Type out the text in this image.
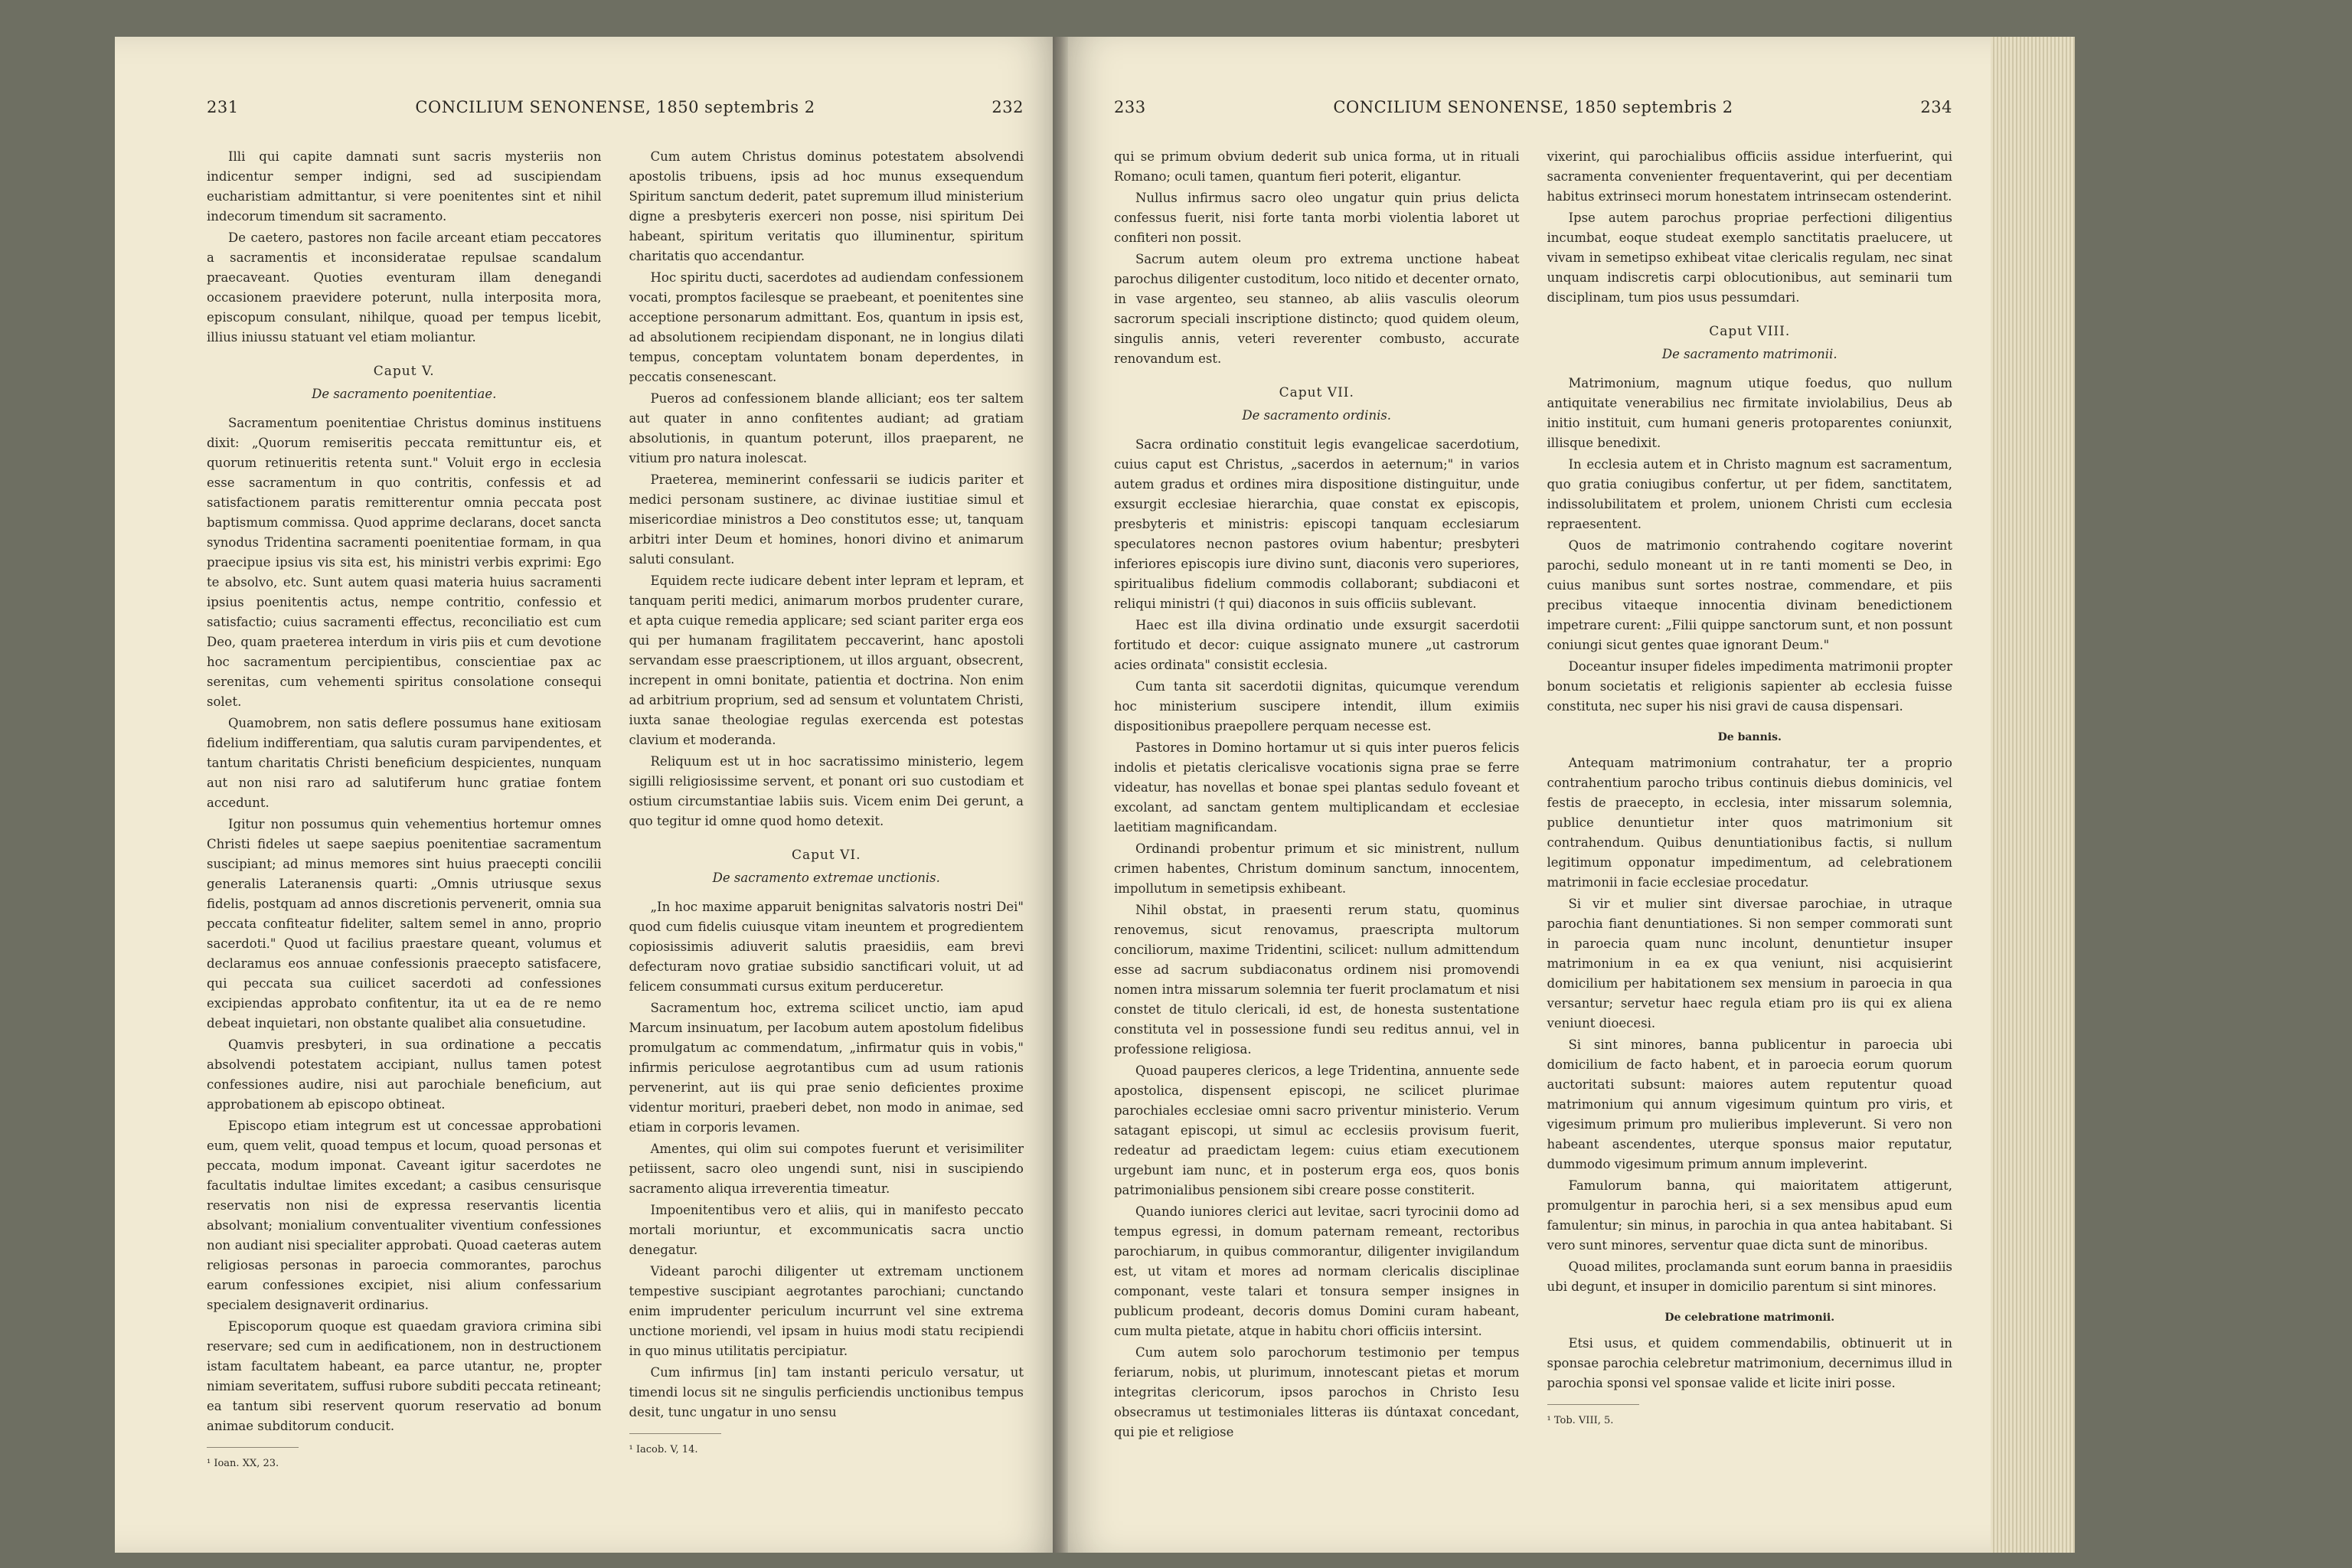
231	CONCILIUM SENONENSE, 1850 septembris 2	232

Illi qui capite damnati sunt sacris mysteriis non indicentur semper indigni, sed ad suscipiendam eucharistiam admittantur, si vere poenitentes sint et nihil indecorum timendum sit sacramento.

De caetero, pastores non facile arceant etiam peccatores a sacramentis et inconsideratae repulsae scandalum praecaveant. Quoties eventuram illam denegandi occasionem praevidere poterunt, nulla interposita mora, episcopum consulant, nihilque, quoad per tempus licebit, illius iniussu statuant vel etiam moliantur.

Caput V.
De sacramento poenitentiae.

Sacramentum poenitentiae Christus dominus instituens dixit: „Quorum remiseritis peccata remittuntur eis, et quorum retinueritis retenta sunt." Voluit ergo in ecclesia esse sacramentum in quo contritis, confessis et ad satisfactionem paratis remitterentur omnia peccata post baptismum commissa. Quod apprime declarans, docet sancta synodus Tridentina sacramenti poenitentiae formam, in qua praecipue ipsius vis sita est, his ministri verbis exprimi: Ego te absolvo, etc. Sunt autem quasi materia huius sacramenti ipsius poenitentis actus, nempe contritio, confessio et satisfactio; cuius sacramenti effectus, reconciliatio est cum Deo, quam praeterea interdum in viris piis et cum devotione hoc sacramentum percipientibus, conscientiae pax ac serenitas, cum vehementi spiritus consolatione consequi solet.

Quamobrem, non satis deflere possumus hane exitiosam fidelium indifferentiam, qua salutis curam parvipendentes, et tantum charitatis Christi beneficium despicientes, nunquam aut non nisi raro ad salutiferum hunc gratiae fontem accedunt.

Igitur non possumus quin vehementius hortemur omnes Christi fideles ut saepe saepius poenitentiae sacramentum suscipiant; ad minus memores sint huius praecepti concilii generalis Lateranensis quarti: „Omnis utriusque sexus fidelis, postquam ad annos discretionis pervenerit, omnia sua peccata confiteatur fideliter, saltem semel in anno, proprio sacerdoti." Quod ut facilius praestare queant, volumus et declaramus eos annuae confessionis praecepto satisfacere, qui peccata sua cuilicet sacerdoti ad confessiones excipiendas approbato confitentur, ita ut ea de re nemo debeat inquietari, non obstante qualibet alia consuetudine.

Quamvis presbyteri, in sua ordinatione a peccatis absolvendi potestatem accipiant, nullus tamen potest confessiones audire, nisi aut parochiale beneficium, aut approbationem ab episcopo obtineat.

Episcopo etiam integrum est ut concessae approbationi eum, quem velit, quoad tempus et locum, quoad personas et peccata, modum imponat. Caveant igitur sacerdotes ne facultatis indultae limites excedant; a casibus censurisque reservatis non nisi de expressa reservantis licentia absolvant; monialium conventualiter viventium confessiones non audiant nisi specialiter approbati. Quoad caeteras autem religiosas personas in paroecia commorantes, parochus earum confessiones excipiet, nisi alium confessarium specialem designaverit ordinarius.

Episcoporum quoque est quaedam graviora crimina sibi reservare; sed cum in aedificationem, non in destructionem istam facultatem habeant, ea parce utantur, ne, propter nimiam severitatem, suffusi rubore subditi peccata retineant; ea tantum sibi reservent quorum reservatio ad bonum animae subditorum conducit.

¹ Ioan. XX, 23.

Cum autem Christus dominus potestatem absolvendi apostolis tribuens, ipsis ad hoc munus exsequendum Spiritum sanctum dederit, patet supremum illud ministerium digne a presbyteris exerceri non posse, nisi spiritum Dei habeant, spiritum veritatis quo illuminentur, spiritum charitatis quo accendantur.

Hoc spiritu ducti, sacerdotes ad audiendam confessionem vocati, promptos facilesque se praebeant, et poenitentes sine acceptione personarum admittant. Eos, quantum in ipsis est, ad absolutionem recipiendam disponant, ne in longius dilati tempus, conceptam voluntatem bonam deperdentes, in peccatis consenescant.

Pueros ad confessionem blande alliciant; eos ter saltem aut quater in anno confitentes audiant; ad gratiam absolutionis, in quantum poterunt, illos praeparent, ne vitium pro natura inolescat.

Praeterea, meminerint confessarii se iudicis pariter et medici personam sustinere, ac divinae iustitiae simul et misericordiae ministros a Deo constitutos esse; ut, tanquam arbitri inter Deum et homines, honori divino et animarum saluti consulant.

Equidem recte iudicare debent inter lepram et lepram, et tanquam periti medici, animarum morbos prudenter curare, et apta cuique remedia applicare; sed sciant pariter erga eos qui per humanam fragilitatem peccaverint, hanc apostoli servandam esse praescriptionem, ut illos arguant, obsecrent, increpent in omni bonitate, patientia et doctrina. Non enim ad arbitrium proprium, sed ad sensum et voluntatem Christi, iuxta sanae theologiae regulas exercenda est potestas clavium et moderanda.

Reliquum est ut in hoc sacratissimo ministerio, legem sigilli religiosissime servent, et ponant ori suo custodiam et ostium circumstantiae labiis suis. Vicem enim Dei gerunt, a quo tegitur id omne quod homo detexit.

Caput VI.
De sacramento extremae unctionis.

„In hoc maxime apparuit benignitas salvatoris nostri Dei" quod cum fidelis cuiusque vitam ineuntem et progredientem copiosissimis adiuverit salutis praesidiis, eam brevi defecturam novo gratiae subsidio sanctificari voluit, ut ad felicem consummati cursus exitum perduceretur.

Sacramentum hoc, extrema scilicet unctio, iam apud Marcum insinuatum, per Iacobum autem apostolum fidelibus promulgatum ac commendatum, „infirmatur quis in vobis," infirmis periculose aegrotantibus cum ad usum rationis pervenerint, aut iis qui prae senio deficientes proxime videntur morituri, praeberi debet, non modo in animae, sed etiam in corporis levamen.

Amentes, qui olim sui compotes fuerunt et verisimiliter petiissent, sacro oleo ungendi sunt, nisi in suscipiendo sacramento aliqua irreverentia timeatur.

Impoenitentibus vero et aliis, qui in manifesto peccato mortali moriuntur, et excommunicatis sacra unctio denegatur.

Videant parochi diligenter ut extremam unctionem tempestive suscipiant aegrotantes parochiani; cunctando enim imprudenter periculum incurrunt vel sine extrema unctione moriendi, vel ipsam in huius modi statu recipiendi in quo minus utilitatis percipiatur.

Cum infirmus [in] tam instanti periculo versatur, ut timendi locus sit ne singulis perficiendis unctionibus tempus desit, tunc ungatur in uno sensu

¹ Iacob. V, 14.
233	CONCILIUM SENONENSE, 1850 septembris 2	234

qui se primum obvium dederit sub unica forma, ut in rituali Romano; oculi tamen, quantum fieri poterit, eligantur.

Nullus infirmus sacro oleo ungatur quin prius delicta confessus fuerit, nisi forte tanta morbi violentia laboret ut confiteri non possit.

Sacrum autem oleum pro extrema unctione habeat parochus diligenter custoditum, loco nitido et decenter ornato, in vase argenteo, seu stanneo, ab aliis vasculis oleorum sacrorum speciali inscriptione distincto; quod quidem oleum, singulis annis, veteri reverenter combusto, accurate renovandum est.

Caput VII.
De sacramento ordinis.

Sacra ordinatio constituit legis evangelicae sacerdotium, cuius caput est Christus, „sacerdos in aeternum;" in varios autem gradus et ordines mira dispositione distinguitur, unde exsurgit ecclesiae hierarchia, quae constat ex episcopis, presbyteris et ministris: episcopi tanquam ecclesiarum speculatores necnon pastores ovium habentur; presbyteri inferiores episcopis iure divino sunt, diaconis vero superiores, spiritualibus fidelium commodis collaborant; subdiaconi et reliqui ministri († qui) diaconos in suis officiis sublevant.

Haec est illa divina ordinatio unde exsurgit sacerdotii fortitudo et decor: cuique assignato munere „ut castrorum acies ordinata" consistit ecclesia.

Cum tanta sit sacerdotii dignitas, quicumque verendum hoc ministerium suscipere intendit, illum eximiis dispositionibus praepollere perquam necesse est.

Pastores in Domino hortamur ut si quis inter pueros felicis indolis et pietatis clericalisve vocationis signa prae se ferre videatur, has novellas et bonae spei plantas sedulo foveant et excolant, ad sanctam gentem multiplicandam et ecclesiae laetitiam magnificandam.

Ordinandi probentur primum et sic ministrent, nullum crimen habentes, Christum dominum sanctum, innocentem, impollutum in semetipsis exhibeant.

Nihil obstat, in praesenti rerum statu, quominus renovemus, sicut renovamus, praescripta multorum conciliorum, maxime Tridentini, scilicet: nullum admittendum esse ad sacrum subdiaconatus ordinem nisi promovendi nomen intra missarum solemnia ter fuerit proclamatum et nisi constet de titulo clericali, id est, de honesta sustentatione constituta vel in possessione fundi seu reditus annui, vel in professione religiosa.

Quoad pauperes clericos, a lege Tridentina, annuente sede apostolica, dispensent episcopi, ne scilicet plurimae parochiales ecclesiae omni sacro priventur ministerio. Verum satagant episcopi, ut simul ac ecclesiis provisum fuerit, redeatur ad praedictam legem: cuius etiam executionem urgebunt iam nunc, et in posterum erga eos, quos bonis patrimonialibus pensionem sibi creare posse constiterit.

Quando iuniores clerici aut levitae, sacri tyrocinii domo ad tempus egressi, in domum paternam remeant, rectoribus parochiarum, in quibus commorantur, diligenter invigilandum est, ut vitam et mores ad normam clericalis disciplinae componant, veste talari et tonsura semper insignes in publicum prodeant, decoris domus Domini curam habeant, cum multa pietate, atque in habitu chori officiis intersint.

Cum autem solo parochorum testimonio per tempus feriarum, nobis, ut plurimum, innotescant pietas et morum integritas clericorum, ipsos parochos in Christo Iesu obsecramus ut testimoniales litteras iis dúntaxat concedant, qui pie et religiose

vixerint, qui parochialibus officiis assidue interfuerint, qui sacramenta convenienter frequentaverint, qui per decentiam habitus extrinseci morum honestatem intrinsecam ostenderint.

Ipse autem parochus propriae perfectioni diligentius incumbat, eoque studeat exemplo sanctitatis praelucere, ut vivam in semetipso exhibeat vitae clericalis regulam, nec sinat unquam indiscretis carpi oblocutionibus, aut seminarii tum disciplinam, tum pios usus pessumdari.

Caput VIII.
De sacramento matrimonii.

Matrimonium, magnum utique foedus, quo nullum antiquitate venerabilius nec firmitate inviolabilius, Deus ab initio instituit, cum humani generis protoparentes coniunxit, illisque benedixit.

In ecclesia autem et in Christo magnum est sacramentum, quo gratia coniugibus confertur, ut per fidem, sanctitatem, indissolubilitatem et prolem, unionem Christi cum ecclesia repraesentent.

Quos de matrimonio contrahendo cogitare noverint parochi, sedulo moneant ut in re tanti momenti se Deo, in cuius manibus sunt sortes nostrae, commendare, et piis precibus vitaeque innocentia divinam benedictionem impetrare curent: „Filii quippe sanctorum sunt, et non possunt coniungi sicut gentes quae ignorant Deum."

Doceantur insuper fideles impedimenta matrimonii propter bonum societatis et religionis sapienter ab ecclesia fuisse constituta, nec super his nisi gravi de causa dispensari.

De bannis.

Antequam matrimonium contrahatur, ter a proprio contrahentium parocho tribus continuis diebus dominicis, vel festis de praecepto, in ecclesia, inter missarum solemnia, publice denuntietur inter quos matrimonium sit contrahendum. Quibus denuntiationibus factis, si nullum legitimum opponatur impedimentum, ad celebrationem matrimonii in facie ecclesiae procedatur.

Si vir et mulier sint diversae parochiae, in utraque parochia fiant denuntiationes. Si non semper commorati sunt in paroecia quam nunc incolunt, denuntietur insuper matrimonium in ea ex qua veniunt, nisi acquisierint domicilium per habitationem sex mensium in paroecia in qua versantur; servetur haec regula etiam pro iis qui ex aliena veniunt dioecesi.

Si sint minores, banna publicentur in paroecia ubi domicilium de facto habent, et in paroecia eorum quorum auctoritati subsunt: maiores autem reputentur quoad matrimonium qui annum vigesimum quintum pro viris, et vigesimum primum pro mulieribus impleverunt. Si vero non habeant ascendentes, uterque sponsus maior reputatur, dummodo vigesimum primum annum impleverint.

Famulorum banna, qui maioritatem attigerunt, promulgentur in parochia heri, si a sex mensibus apud eum famulentur; sin minus, in parochia in qua antea habitabant. Si vero sunt minores, serventur quae dicta sunt de minoribus.

Quoad milites, proclamanda sunt eorum banna in praesidiis ubi degunt, et insuper in domicilio parentum si sint minores.

De celebratione matrimonii.

Etsi usus, et quidem commendabilis, obtinuerit ut in sponsae parochia celebretur matrimonium, decernimus illud in parochia sponsi vel sponsae valide et licite iniri posse.

¹ Tob. VIII, 5.
